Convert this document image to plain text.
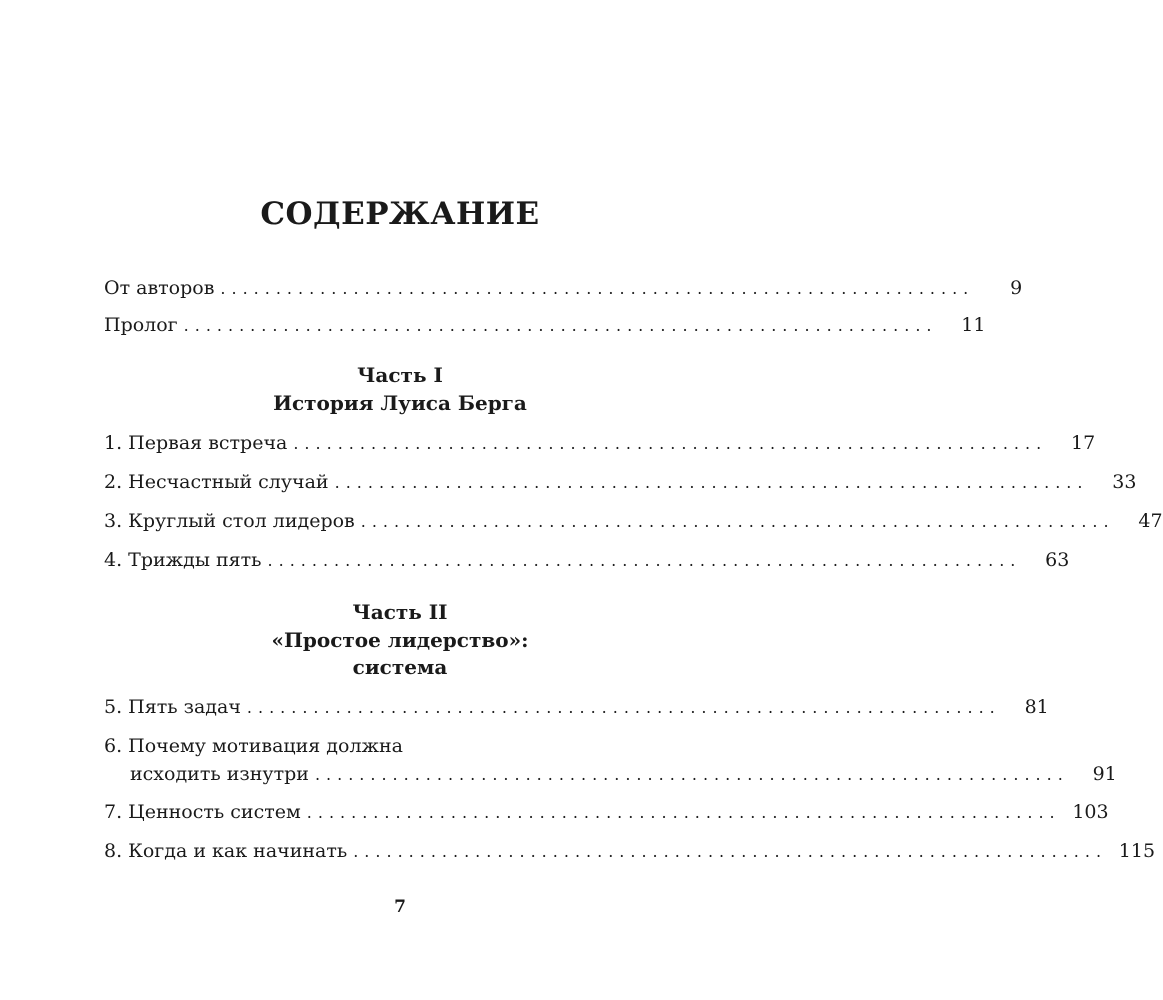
СОДЕРЖАНИЕ
От авторов ....................................................................	9
Пролог ....................................................................	11
Часть I
История Луиса Берга
1. Первая встреча ....................................................................	17
2. Несчастный случай ....................................................................	33
3. Круглый стол лидеров ....................................................................	47
4. Трижды пять ....................................................................	63
Часть II
«Простое лидерство»:
система
5. Пять задач ....................................................................	81
6. Почему мотивация должна
исходить изнутри ....................................................................	91
7. Ценность систем .................................................................... 103
8. Когда и как начинать .................................................................... 115
7
